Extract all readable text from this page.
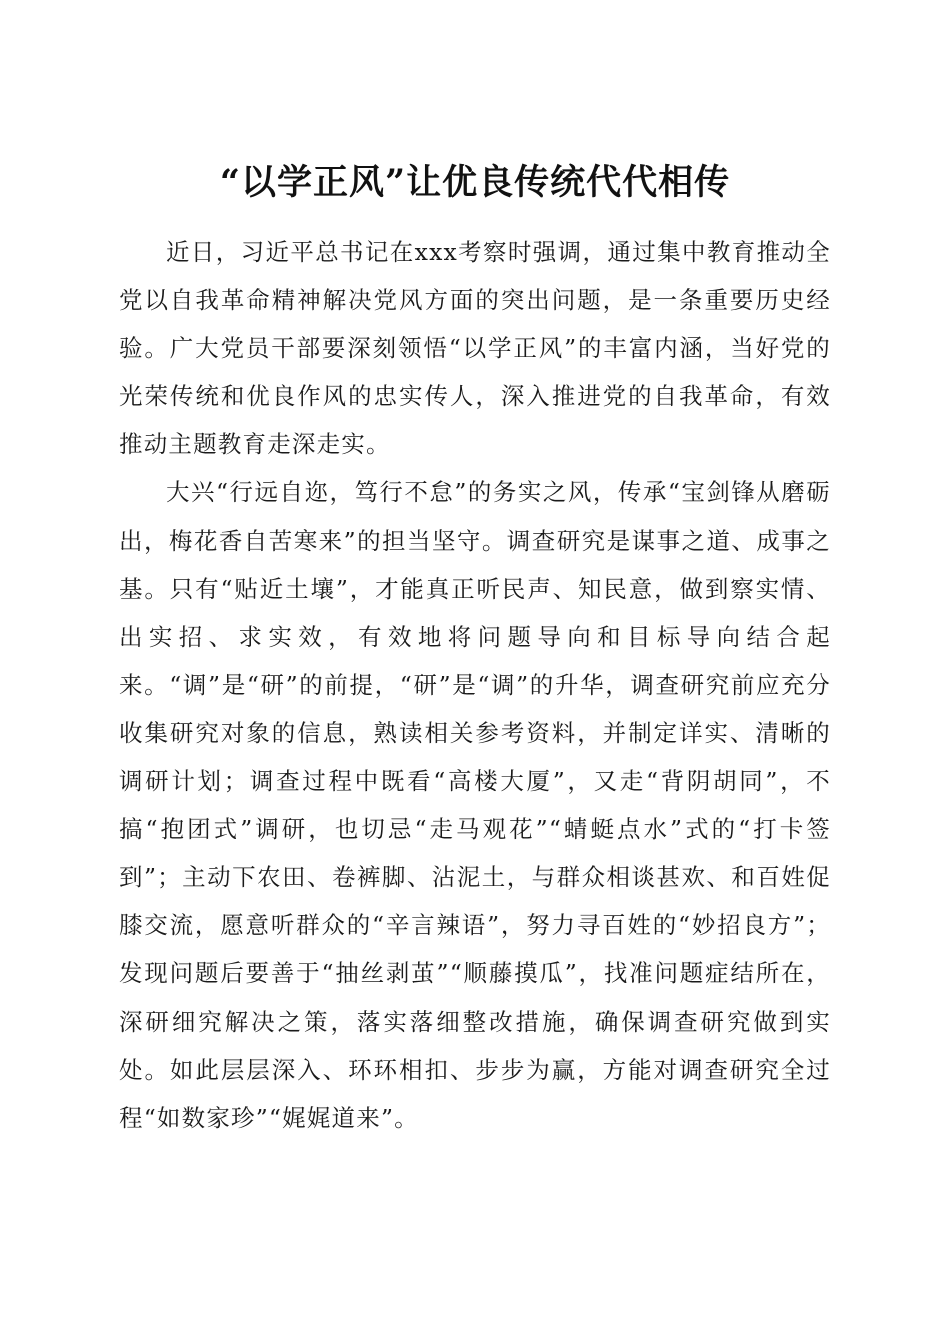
“以学正风”让优良传统代代相传

近日，习近平总书记在xxx考察时强调，通过集中教育推动全党以自我革命精神解决党风方面的突出问题，是一条重要历史经验。广大党员干部要深刻领悟“以学正风”的丰富内涵，当好党的光荣传统和优良作风的忠实传人，深入推进党的自我革命，有效推动主题教育走深走实。

大兴“行远自迩，笃行不怠”的务实之风，传承“宝剑锋从磨砺出，梅花香自苦寒来”的担当坚守。调查研究是谋事之道、成事之基。只有“贴近土壤”，才能真正听民声、知民意，做到察实情、出实招、求实效，有效地将问题导向和目标导向结合起来。“调”是“研”的前提，“研”是“调”的升华，调查研究前应充分收集研究对象的信息，熟读相关参考资料，并制定详实、清晰的调研计划；调查过程中既看“高楼大厦”，又走“背阴胡同”，不搞“抱团式”调研，也切忌“走马观花”“蜻蜓点水”式的“打卡签到”；主动下农田、卷裤脚、沾泥土，与群众相谈甚欢、和百姓促膝交流，愿意听群众的“辛言辣语”，努力寻百姓的“妙招良方”；发现问题后要善于“抽丝剥茧”“顺藤摸瓜”，找准问题症结所在，深研细究解决之策，落实落细整改措施，确保调查研究做到实处。如此层层深入、环环相扣、步步为赢，方能对调查研究全过程“如数家珍”“娓娓道来”。
